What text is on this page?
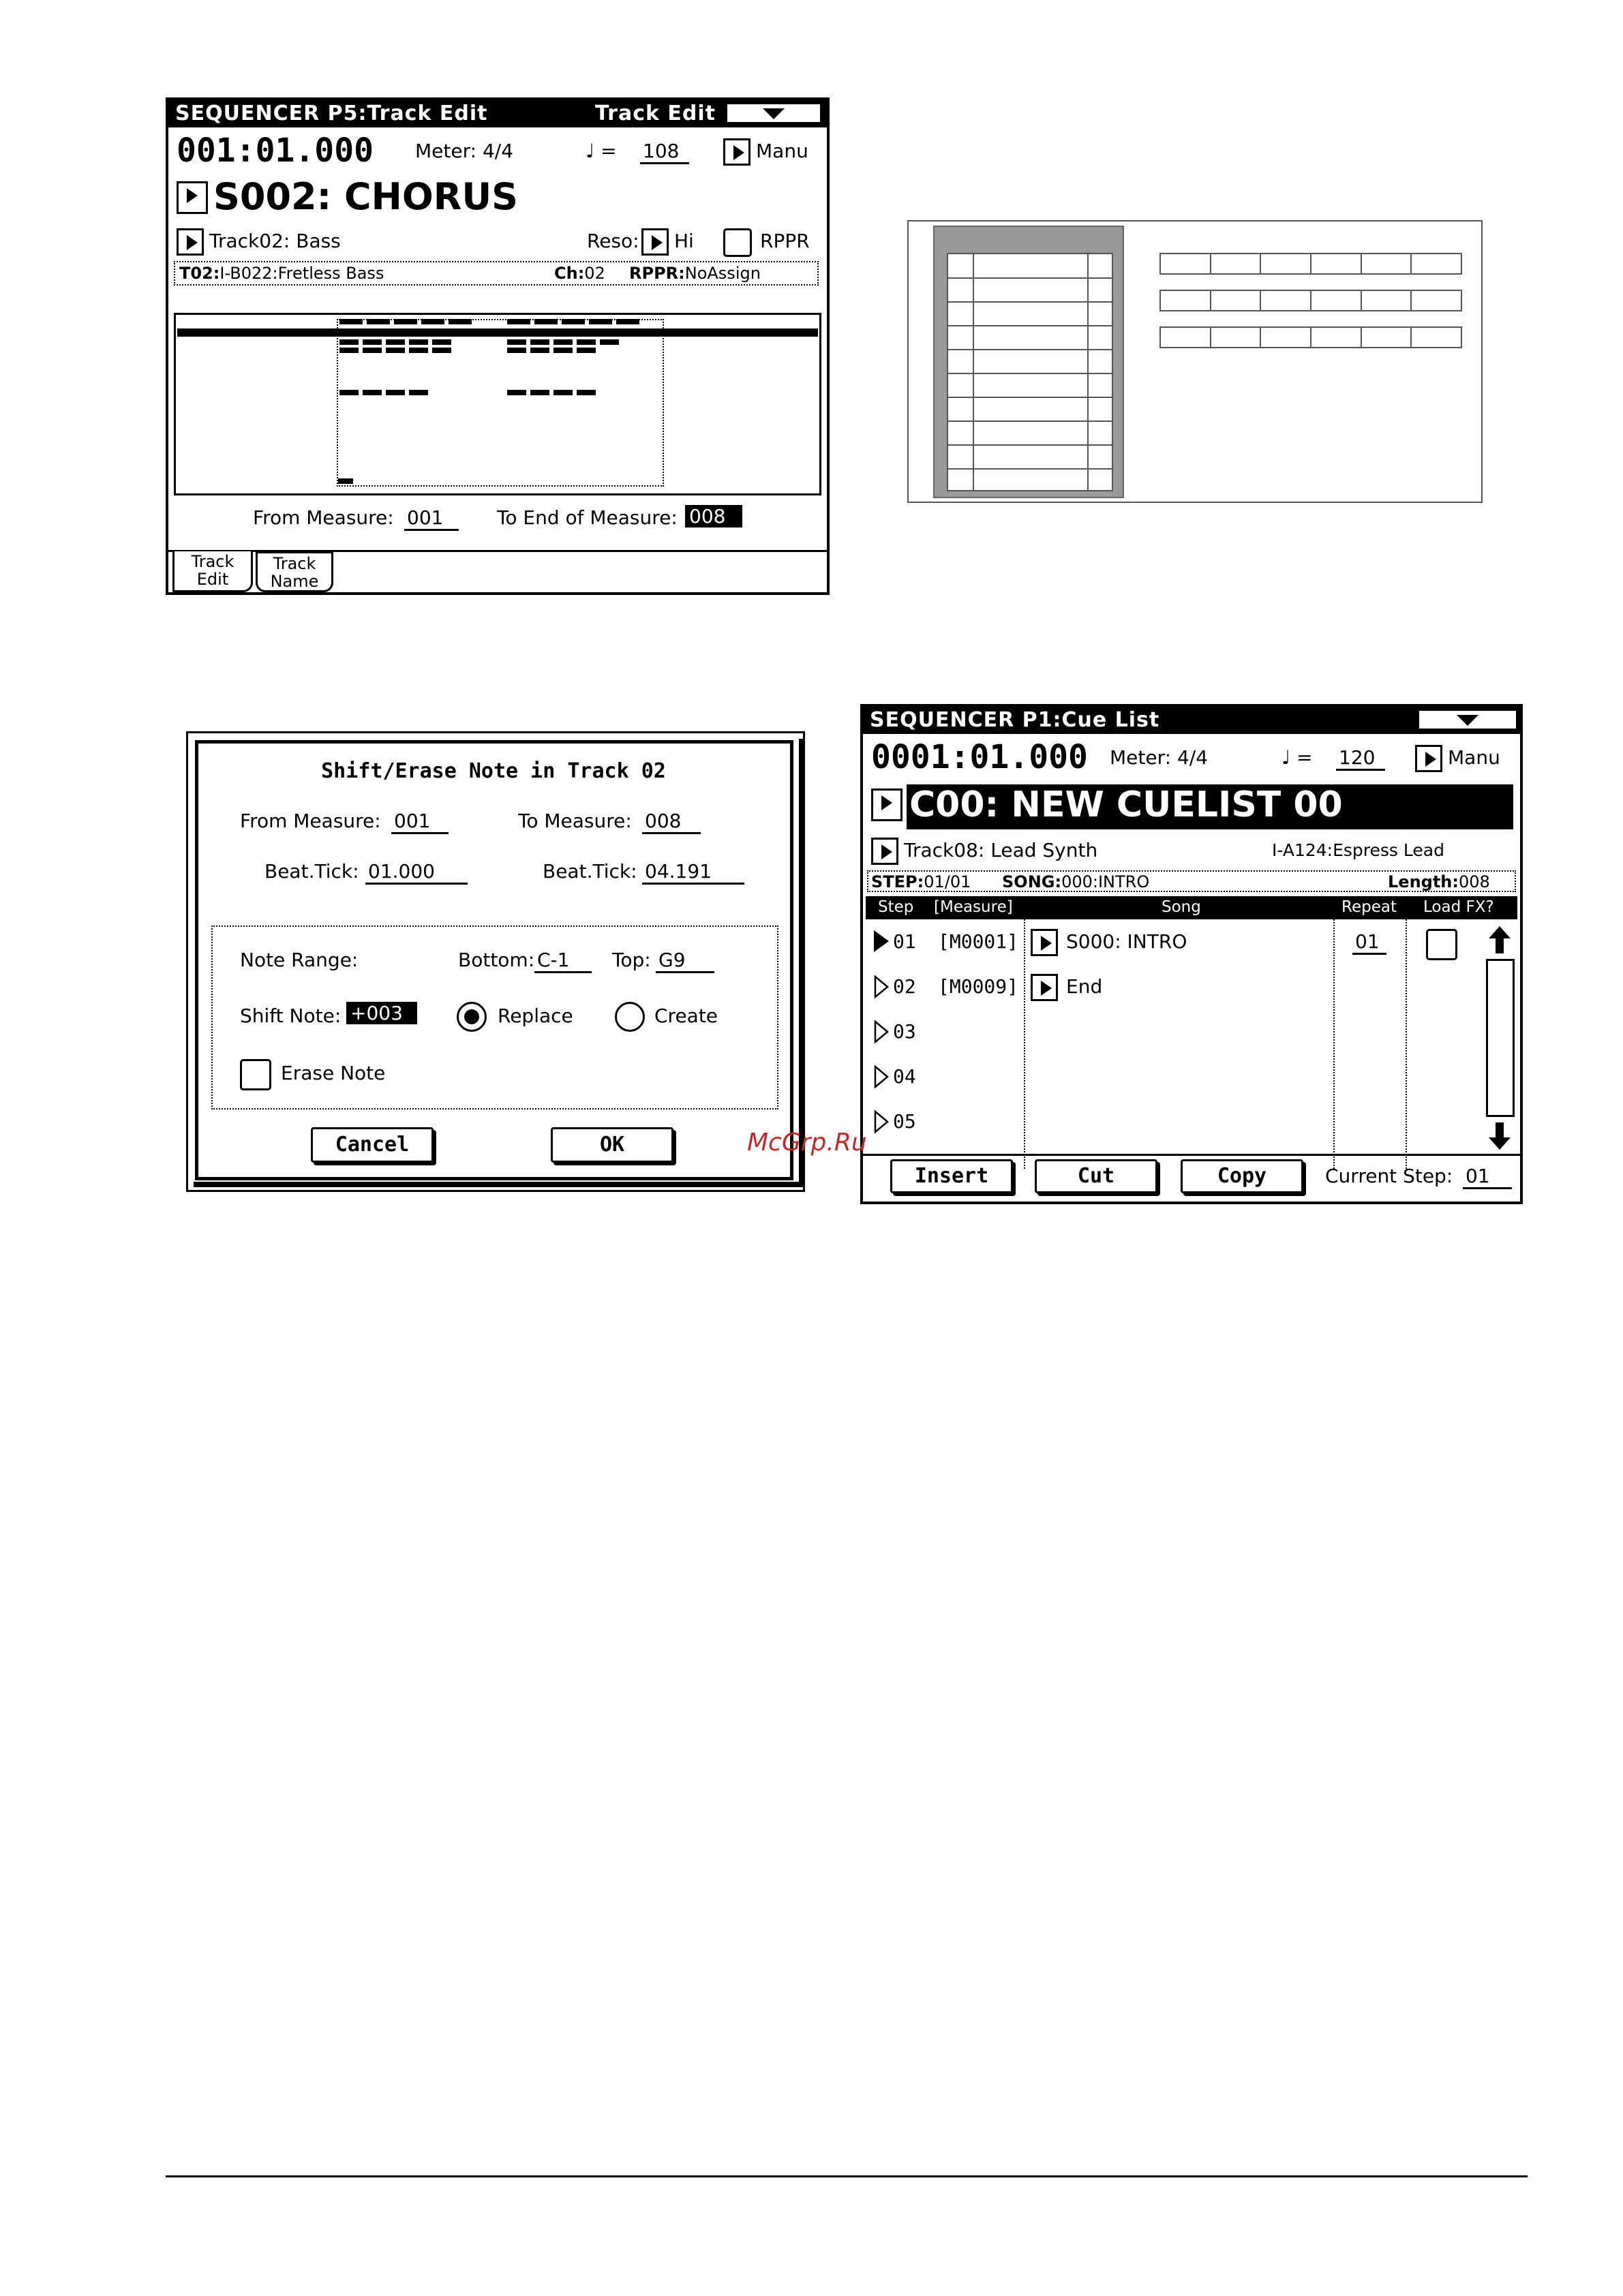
SEQUENCER P5:Track Edit	Track Edit
001:01.000 Meter: 4/4	♩ = 108	Manu
S002: CHORUS
Track02: Bass	Reso: Hi	RPPR
T02:I-B022:Fretless Bass	Ch:02 RPPR:NoAssign
From Measure: 001	To End of Measure: 008
Track Edit
Track Name
Shift/Erase Note in Track 02
From Measure: 001	To Measure: 008
Beat.Tick: 01.000	Beat.Tick: 04.191
Note Range:	Bottom: C-1	Top: G9
Shift Note: +003	Replace	Create
Erase Note
Cancel	OK
SEQUENCER P1:Cue List
0001:01.000 Meter: 4/4	♩ = 120	Manu
C00: NEW CUELIST 00
Track08: Lead Synth	I-A124:Espress Lead
STEP:01/01 SONG:000:INTRO	Length:008
Step [Measure]	Song	Repeat Load FX?
01 [M0001] S000: INTRO	01
02 [M0009] End
03
04
05
Insert	Cut	Copy	Current Step: 01
McGrp.Ru
